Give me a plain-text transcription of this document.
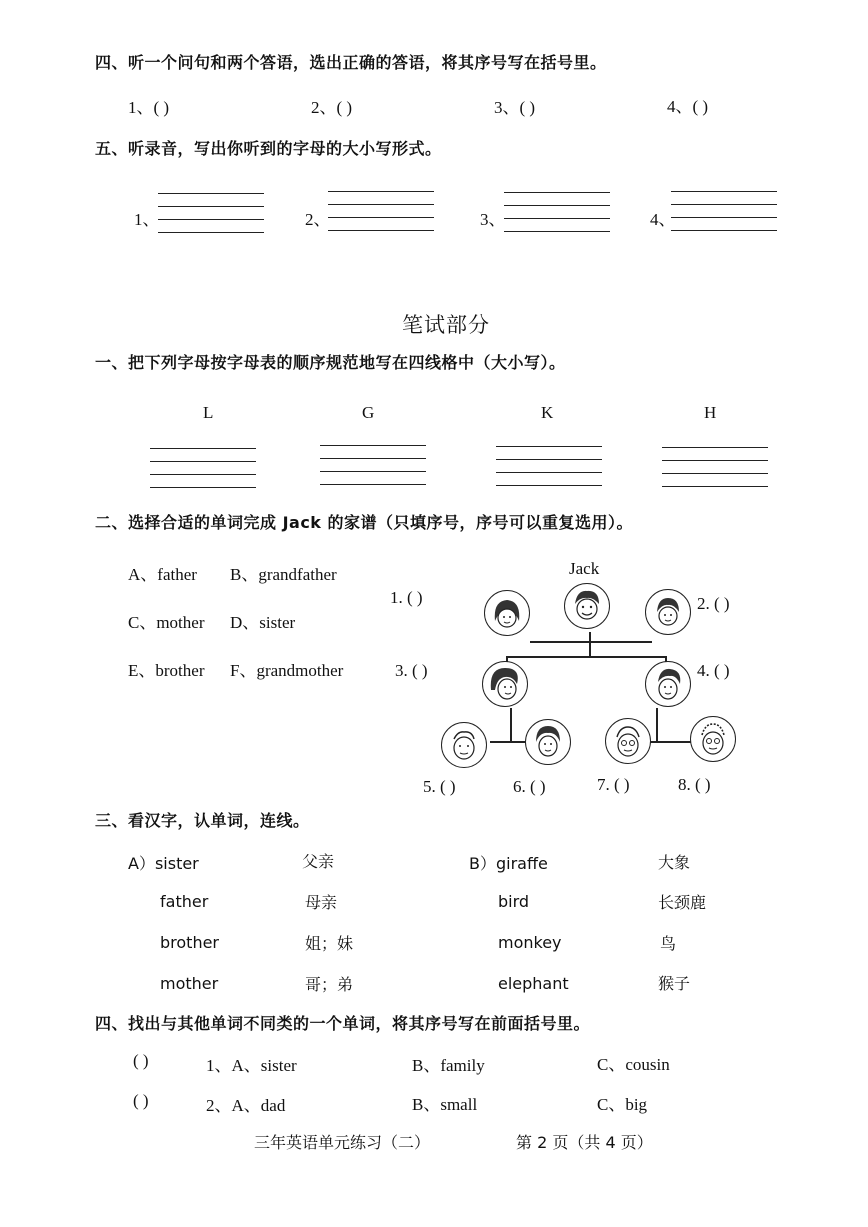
四、听一个问句和两个答语，选出正确的答语，将其序号写在括号里。
1、( )	2、( )	3、( )	4、( )
五、听录音，写出你听到的字母的大小写形式。
1、	2、	3、	4、
笔试部分
一、把下列字母按字母表的顺序规范地写在四线格中（大小写）。
L	G	K	H
二、选择合适的单词完成 Jack 的家谱（只填序号，序号可以重复选用）。
A、father B、grandfather
C、mother D、sister
E、brother F、grandmother
Jack
1. ( )	2. ( )
3. ( )	4. ( )
5. ( )	6. ( )	7. ( )	8. ( )
三、看汉字，认单词，连线。
A）sister
father
brother
mother
父亲
母亲
姐；妹
哥；弟
B）giraffe
bird
monkey
elephant
大象
长颈鹿
鸟
猴子
四、找出与其他单词不同类的一个单词，将其序号写在前面括号里。
( )	1、A、sister	B、family	C、cousin
( )	2、A、dad	B、small	C、big
三年英语单元练习（二）	第 2 页（共 4 页）
